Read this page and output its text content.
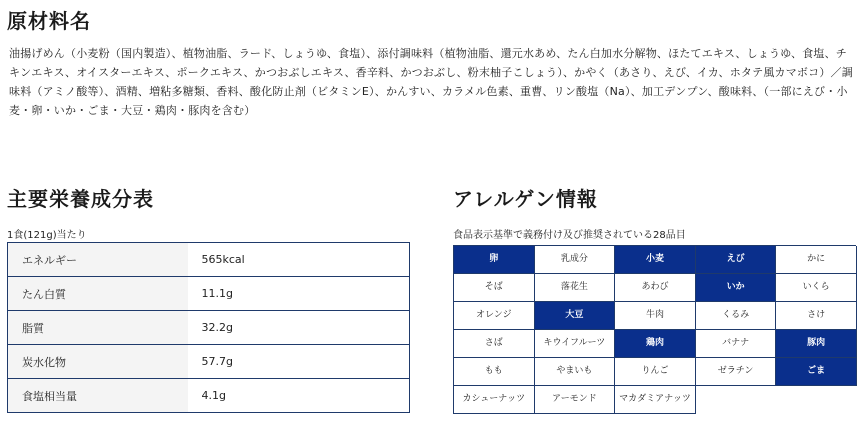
原材料名
油揚げめん（小麦粉（国内製造）、植物油脂、ラード、しょうゆ、食塩）、添付調味料（植物油脂、還元水あめ、たん白加水分解物、ほたてエキス、しょうゆ、食塩、チキンエキス、オイスターエキス、ポークエキス、かつおぶしエキス、香辛料、かつおぶし、粉末柚子こしょう）、かやく（あさり、えび、イカ、ホタテ風カマボコ）／調味料（アミノ酸等）、酒精、増粘多糖類、香料、酸化防止剤（ビタミンE）、かんすい、カラメル色素、重曹、リン酸塩（Na）、加工デンプン、酸味料、（一部にえび・小麦・卵・いか・ごま・大豆・鶏肉・豚肉を含む）
主要栄養成分表
1食(121g)当たり
エネルギー	565kcal
たん白質	11.1g
脂質	32.2g
炭水化物	57.7g
食塩相当量	4.1g
アレルゲン情報
食品表示基準で義務付け及び推奨されている28品目
卵	乳成分	小麦	えび	かに
そば	落花生	あわび	いか	いくら
オレンジ	大豆	牛肉	くるみ	さけ
さば	キウイフルーツ	鶏肉	バナナ	豚肉
もも	やまいも	りんご	ゼラチン	ごま
カシューナッツ	アーモンド	マカダミア ナッツ
